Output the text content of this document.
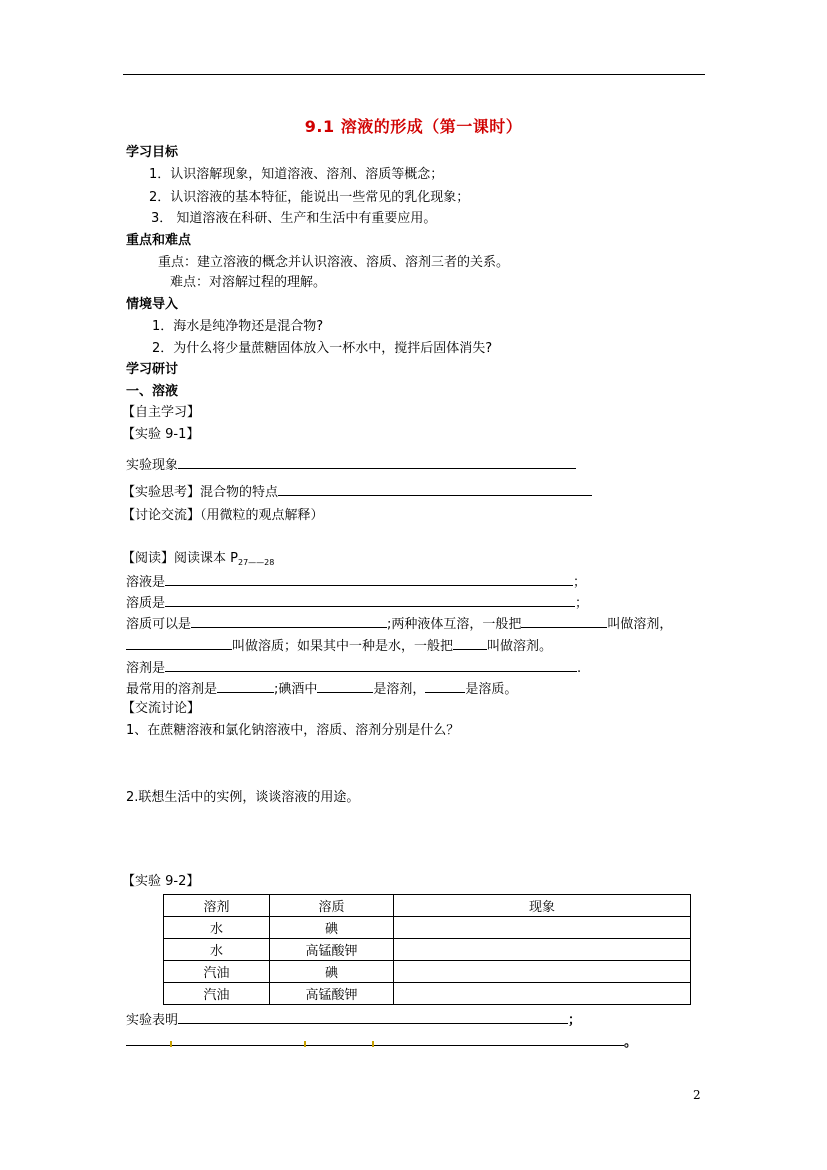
9.1 溶液的形成（第一课时）
学习目标
1．认识溶解现象，知道溶液、溶剂、溶质等概念；
2．认识溶液的基本特征，能说出一些常见的乳化现象；
3． 知道溶液在科研、生产和生活中有重要应用。
重点和难点
重点：建立溶液的概念并认识溶液、溶质、溶剂三者的关系。
难点：对溶解过程的理解。
情境导入
1．海水是纯净物还是混合物?
2．为什么将少量蔗糖固体放入一杯水中，搅拌后固体消失?
学习研讨
一、溶液
【自主学习】
【实验 9-1】
实验现象
【实验思考】混合物的特点
【讨论交流】（用微粒的观点解释）
【阅读】阅读课本 $P_{27——28}$
溶液是	；
溶质是	；
溶质可以是	;两种液体互溶，一般把	叫做溶剂，
叫做溶质；如果其中一种是水，一般把	叫做溶剂。
溶剂是	.
最常用的溶剂是	;碘酒中	是溶剂，	是溶质。
【交流讨论】
1、在蔗糖溶液和氯化钠溶液中，溶质、溶剂分别是什么？
2.联想生活中的实例，谈谈溶液的用途。
【实验 9-2】
溶剂	溶质	现象
水	碘	
水	高锰酸钾	
汽油	碘	
汽油	高锰酸钾	
实验表明	；
。
2
